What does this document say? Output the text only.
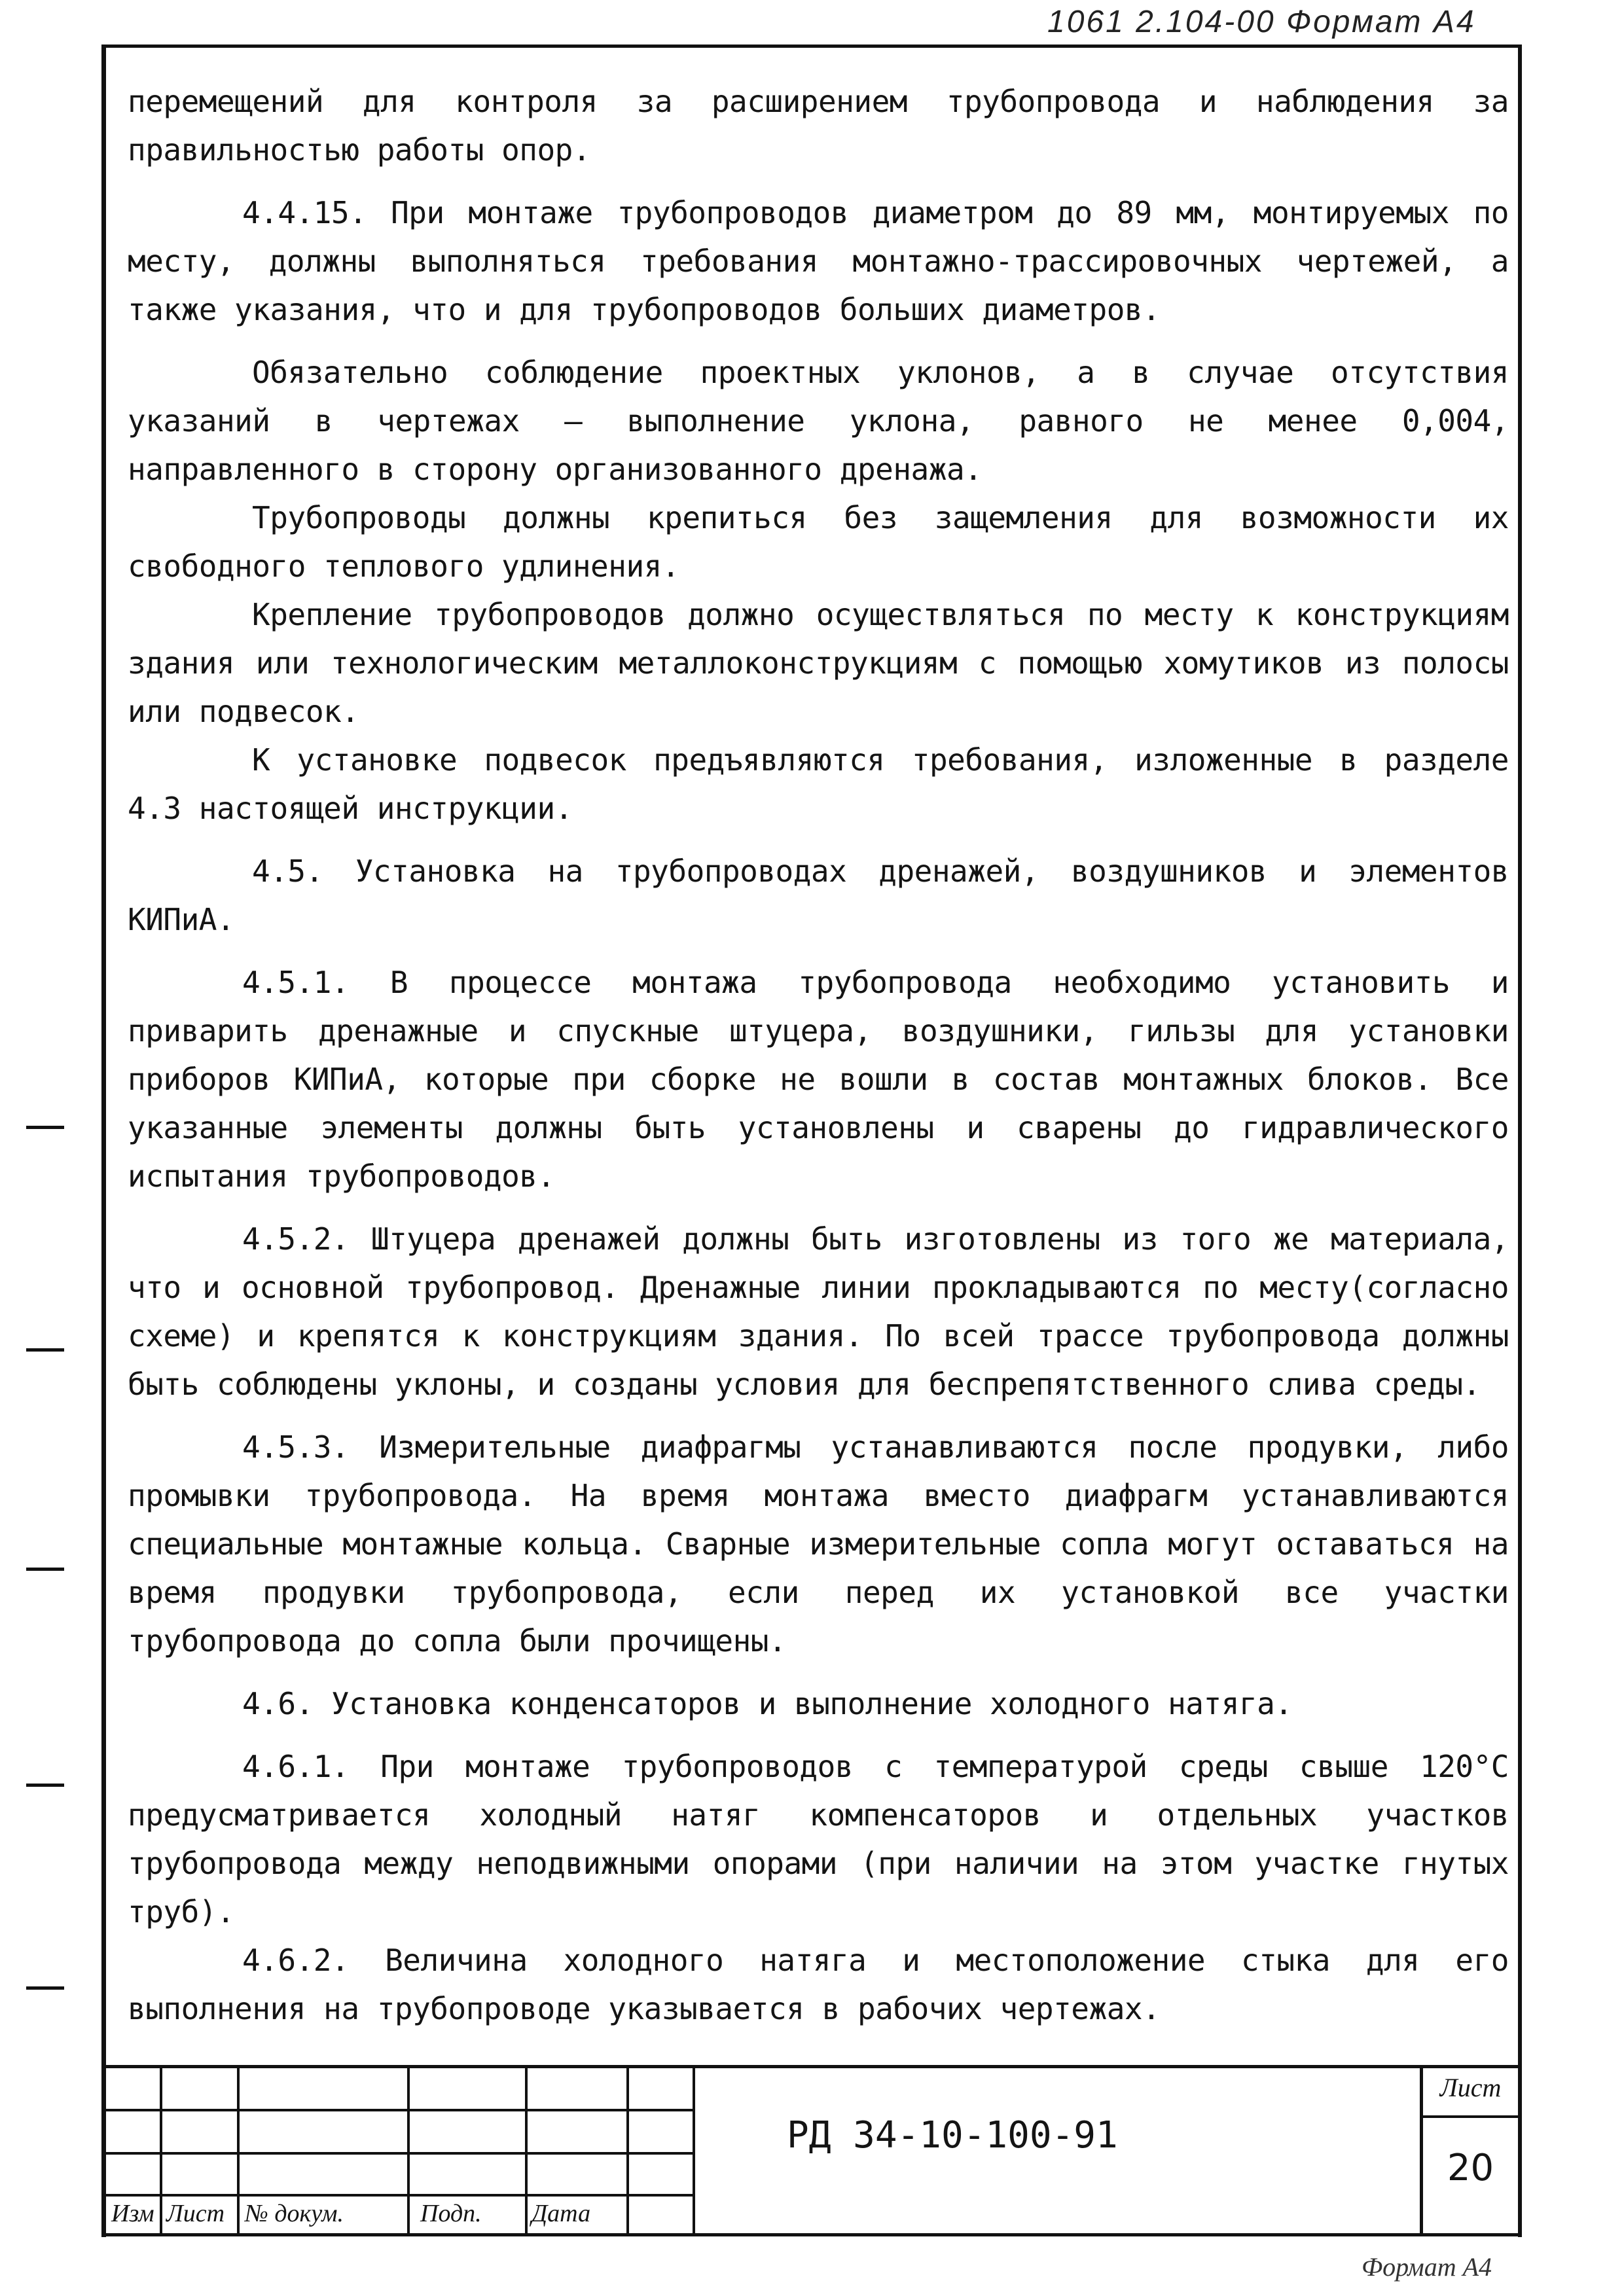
1061 2.104-00 Формат А4

перемещений для контроля за расширением трубопровода и наблюдения за правильностью работы опор.

4.4.15. При монтаже трубопроводов диаметром до 89 мм, монтируемых по месту, должны выполняться требования монтажно-трассировочных чертежей, а также указания, что и для трубопроводов больших диаметров.

Обязательно соблюдение проектных уклонов, а в случае отсутствия указаний в чертежах – выполнение уклона, равного не менее 0,004, направленного в сторону организованного дренажа.

Трубопроводы должны крепиться без защемления для возможности их свободного теплового удлинения.

Крепление трубопроводов должно осуществляться по месту к конструкциям здания или технологическим металлоконструкциям с помощью хомутиков из полосы или подвесок.

К установке подвесок предъявляются требования, изложенные в разделе 4.3 настоящей инструкции.

4.5. Установка на трубопроводах дренажей, воздушников и элементов КИПиА.

4.5.1. В процессе монтажа трубопровода необходимо установить и приварить дренажные и спускные штуцера, воздушники, гильзы для установки приборов КИПиА, которые при сборке не вошли в состав монтажных блоков. Все указанные элементы должны быть установлены и сварены до гидравлического испытания трубопроводов.

4.5.2. Штуцера дренажей должны быть изготовлены из того же материала, что и основной трубопровод. Дренажные линии прокладываются по месту(согласно схеме) и крепятся к конструкциям здания. По всей трассе трубопровода должны быть соблюдены уклоны, и созданы условия для беспрепятственного слива среды.

4.5.3. Измерительные диафрагмы устанавливаются после продувки, либо промывки трубопровода. На время монтажа вместо диафрагм устанавливаются специальные монтажные кольца. Сварные измерительные сопла могут оставаться на время продувки трубопровода, если перед их установкой все участки трубопровода до сопла были прочищены.

4.6. Установка конденсаторов и выполнение холодного натяга.

4.6.1. При монтаже трубопроводов с температурой среды свыше 120°С предусматривается холодный натяг компенсаторов и отдельных участков трубопровода между неподвижными опорами (при наличии на этом участке гнутых труб).

4.6.2. Величина холодного натяга и местоположение стыка для его выполнения на трубопроводе указывается в рабочих чертежах.

Изм Лист № докум.	Подп. Дата
РД 34-10-100-91
Лист
20
Формат А4
